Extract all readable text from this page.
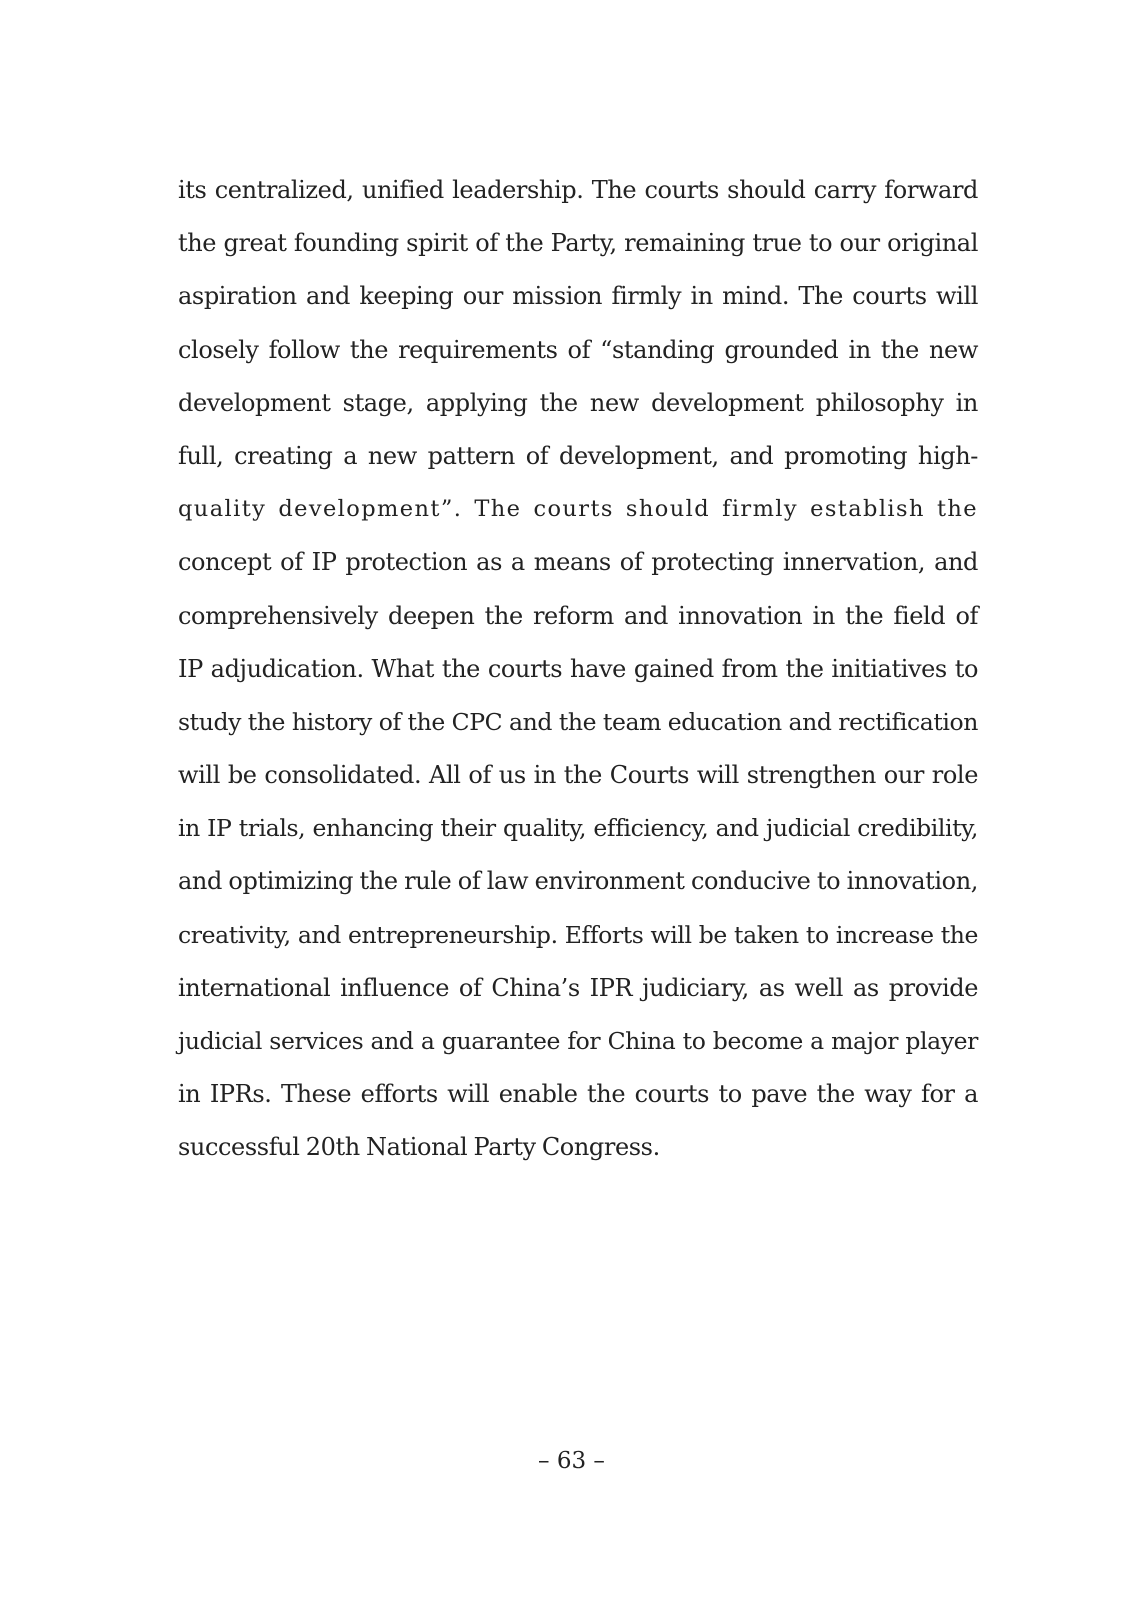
its centralized, unified leadership. The courts should carry forward
the great founding spirit of the Party, remaining true to our original
aspiration and keeping our mission firmly in mind. The courts will
closely follow the requirements of “standing grounded in the new
development stage, applying the new development philosophy in
full, creating a new pattern of development, and promoting high-
quality development”. The courts should firmly establish the
concept of IP protection as a means of protecting innervation, and
comprehensively deepen the reform and innovation in the field of
IP adjudication. What the courts have gained from the initiatives to
study the history of the CPC and the team education and rectification
will be consolidated. All of us in the Courts will strengthen our role
in IP trials, enhancing their quality, efficiency, and judicial credibility,
and optimizing the rule of law environment conducive to innovation,
creativity, and entrepreneurship. Efforts will be taken to increase the
international influence of China’s IPR judiciary, as well as provide
judicial services and a guarantee for China to become a major player
in IPRs. These efforts will enable the courts to pave the way for a
successful 20th National Party Congress.
– 63 –
